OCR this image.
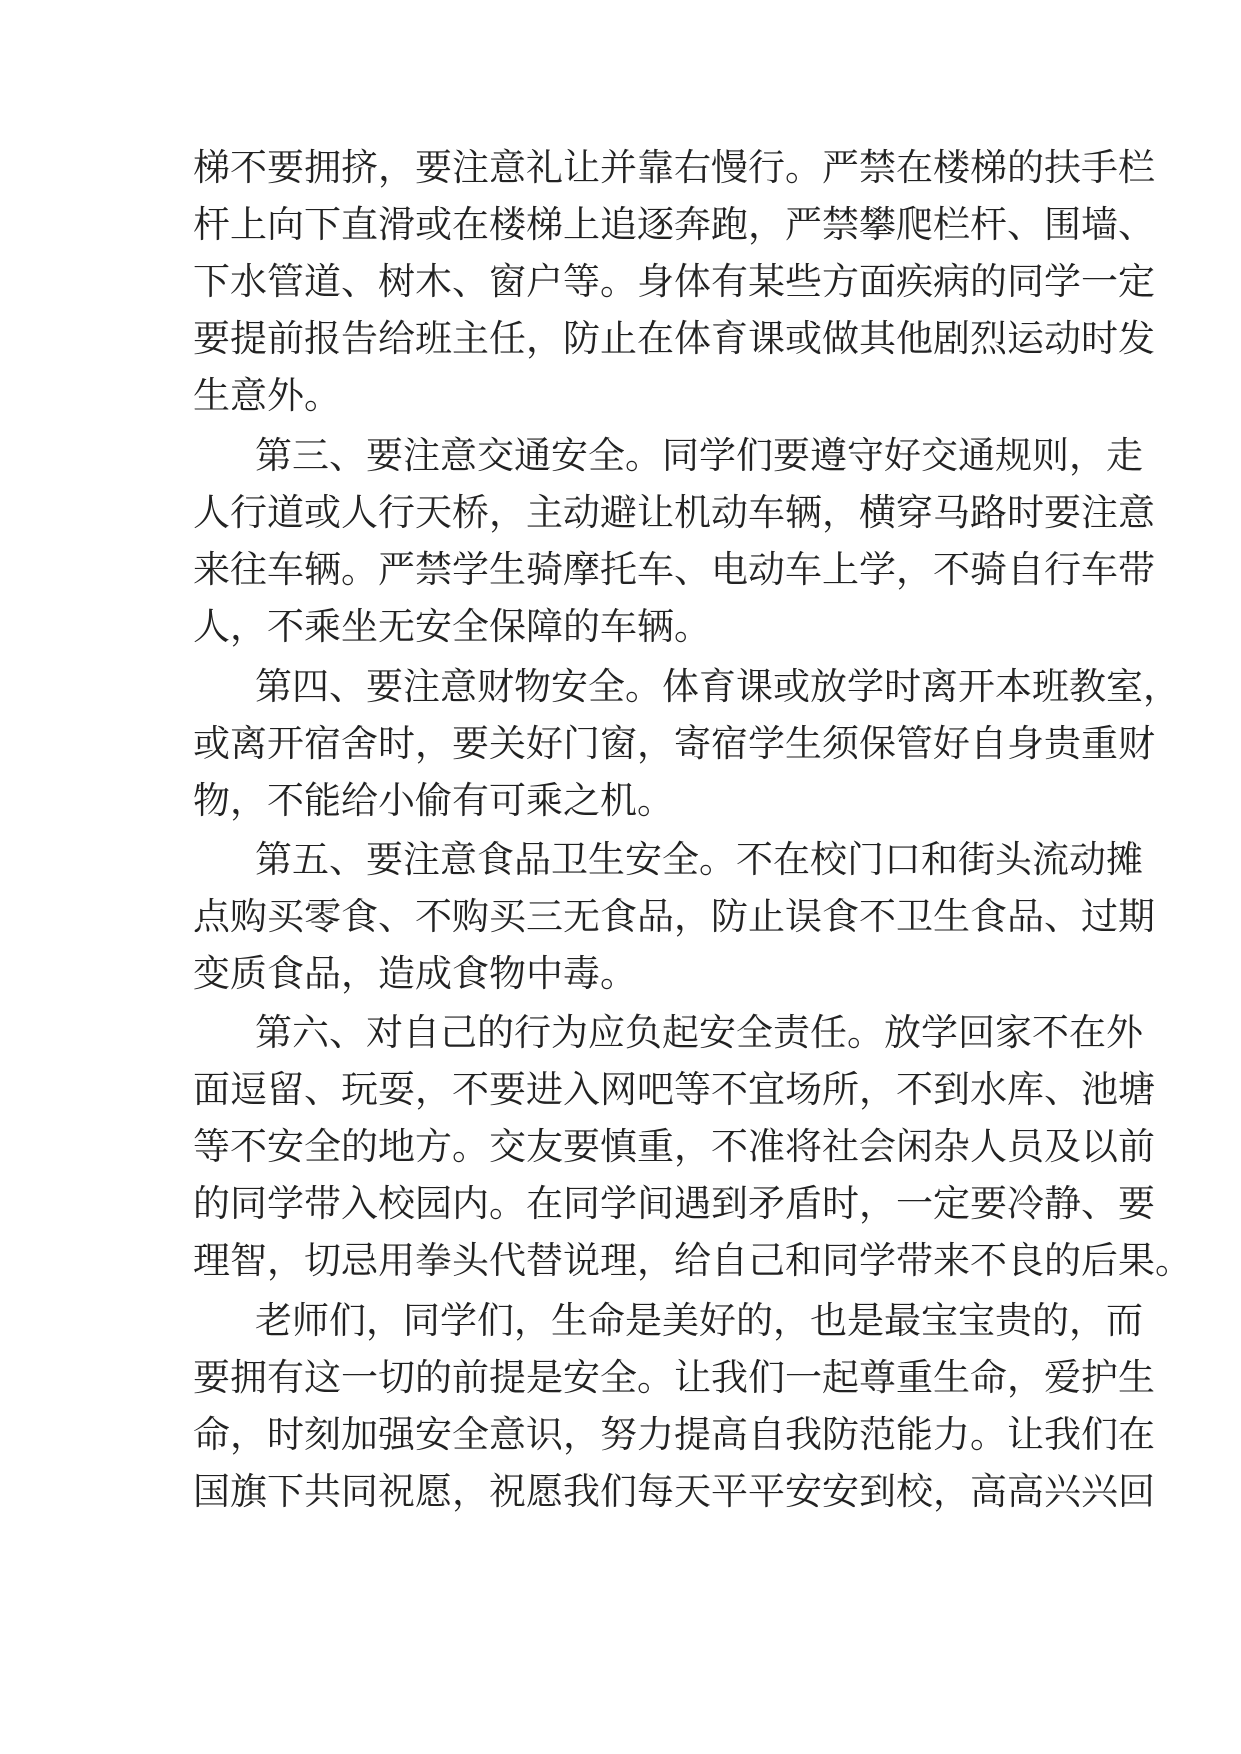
梯不要拥挤，要注意礼让并靠右慢行。严禁在楼梯的扶手栏
杆上向下直滑或在楼梯上追逐奔跑，严禁攀爬栏杆、围墙、
下水管道、树木、窗户等。身体有某些方面疾病的同学一定
要提前报告给班主任，防止在体育课或做其他剧烈运动时发
生意外。
第三、要注意交通安全。同学们要遵守好交通规则，走
人行道或人行天桥，主动避让机动车辆，横穿马路时要注意
来往车辆。严禁学生骑摩托车、电动车上学，不骑自行车带
人，不乘坐无安全保障的车辆。
第四、要注意财物安全。体育课或放学时离开本班教室，
或离开宿舍时，要关好门窗，寄宿学生须保管好自身贵重财
物，不能给小偷有可乘之机。
第五、要注意食品卫生安全。不在校门口和街头流动摊
点购买零食、不购买三无食品，防止误食不卫生食品、过期
变质食品，造成食物中毒。
第六、对自己的行为应负起安全责任。放学回家不在外
面逗留、玩耍，不要进入网吧等不宜场所，不到水库、池塘
等不安全的地方。交友要慎重，不准将社会闲杂人员及以前
的同学带入校园内。在同学间遇到矛盾时，一定要冷静、要
理智，切忌用拳头代替说理，给自己和同学带来不良的后果。
老师们，同学们，生命是美好的，也是最宝宝贵的，而
要拥有这一切的前提是安全。让我们一起尊重生命，爱护生
命，时刻加强安全意识，努力提高自我防范能力。让我们在
国旗下共同祝愿，祝愿我们每天平平安安到校，高高兴兴回
